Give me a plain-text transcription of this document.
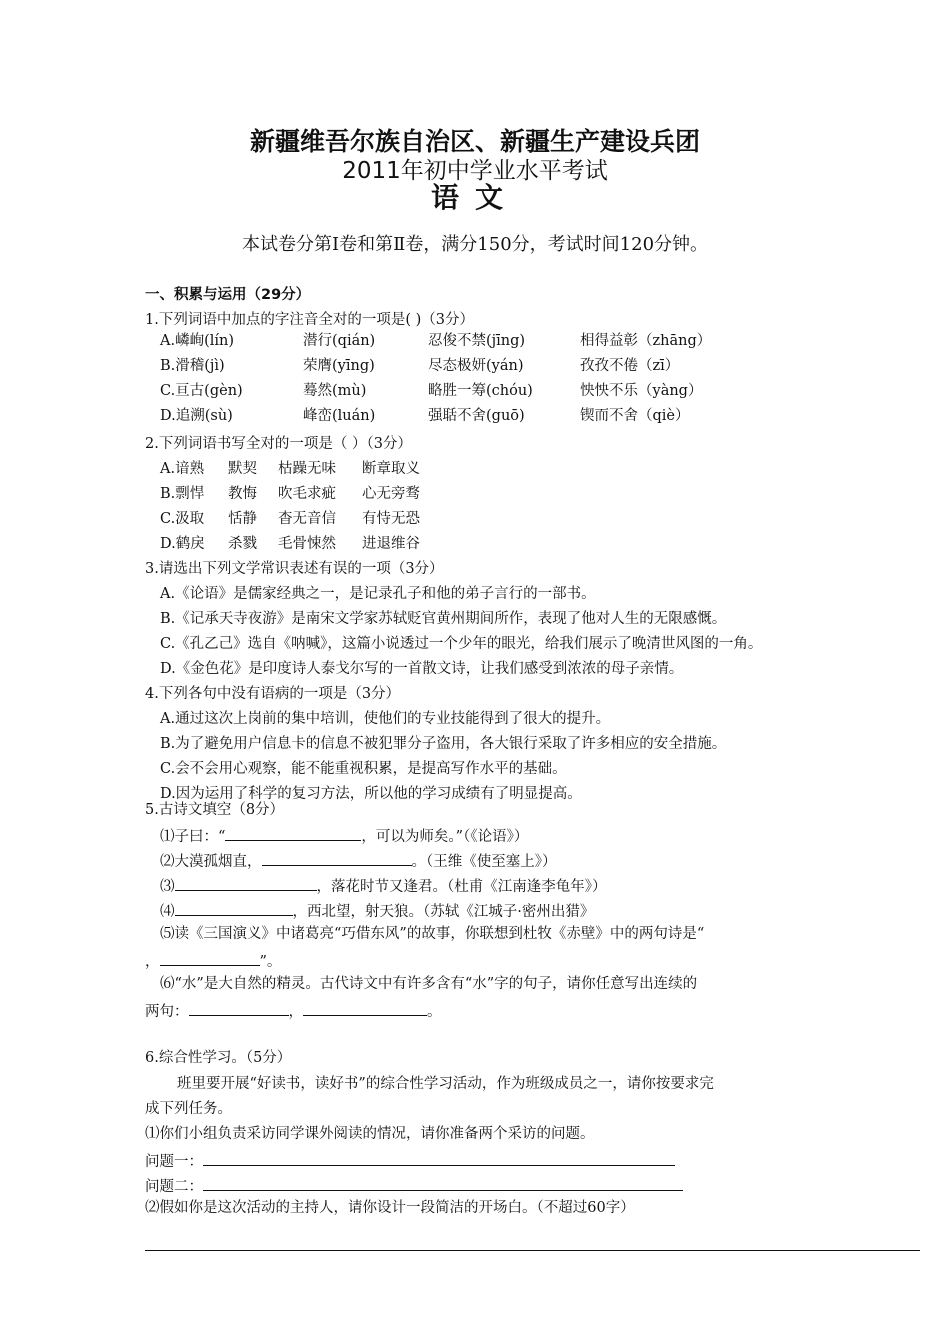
新疆维吾尔族自治区、新疆生产建设兵团
2011年初中学业水平考试
语文
本试卷分第Ⅰ卷和第Ⅱ卷，满分150分，考试时间120分钟。
一、积累与运用（29分）
1.下列词语中加点的字注音全对的一项是( )（3分）
A.嶙峋(lín)	潜行(qián)	忍俊不禁(jīng)	相得益彰（zhāng）
B.滑稽(jì)	荣膺(yīng)	尽态极妍(yán)	孜孜不倦（zī）
C.亘古(gèn)	蓦然(mù)	略胜一筹(chóu)	怏怏不乐（yàng）
D.追溯(sù)	峰峦(luán)	强聒不舍(guō)	锲而不舍（qiè）
2.下列词语书写全对的一项是（ ）（3分）
A.谙熟 默契 枯躁无味 断章取义
B.剽悍 教悔 吹毛求疵 心无旁骛
C.汲取 恬静 杳无音信 有恃无恐
D.鹤戾 杀戮 毛骨悚然 进退维谷
3.请选出下列文学常识表述有误的一项（3分）
A.《论语》是儒家经典之一，是记录孔子和他的弟子言行的一部书。
B.《记承天寺夜游》是南宋文学家苏轼贬官黄州期间所作，表现了他对人生的无限感慨。
C.《孔乙己》选自《呐喊》，这篇小说透过一个少年的眼光，给我们展示了晚清世风图的一角。
D.《金色花》是印度诗人泰戈尔写的一首散文诗，让我们感受到浓浓的母子亲情。
4.下列各句中没有语病的一项是（3分）
A.通过这次上岗前的集中培训，使他们的专业技能得到了很大的提升。
B.为了避免用户信息卡的信息不被犯罪分子盗用，各大银行采取了许多相应的安全措施。
C.会不会用心观察，能不能重视积累，是提高写作水平的基础。
D.因为运用了科学的复习方法，所以他的学习成绩有了明显提高。
5.古诗文填空（8分）
⑴子曰：“	，可以为师矣。”（《论语》）
⑵大漠孤烟直，	。（王维《使至塞上》）
⑶	，落花时节又逢君。（杜甫《江南逢李龟年》）
⑷	，西北望，射天狼。（苏轼《江城子·密州出猎》
⑸读《三国演义》中诸葛亮“巧借东风”的故事，你联想到杜牧《赤壁》中的两句诗是“
，	”。
⑹“水”是大自然的精灵。古代诗文中有许多含有“水”字的句子，请你任意写出连续的
两句：	，	。
6.综合性学习。（5分）
班里要开展“好读书，读好书”的综合性学习活动，作为班级成员之一，请你按要求完
成下列任务。
⑴你们小组负责采访同学课外阅读的情况，请你准备两个采访的问题。
问题一：
问题二：
⑵假如你是这次活动的主持人，请你设计一段简洁的开场白。（不超过60字）
